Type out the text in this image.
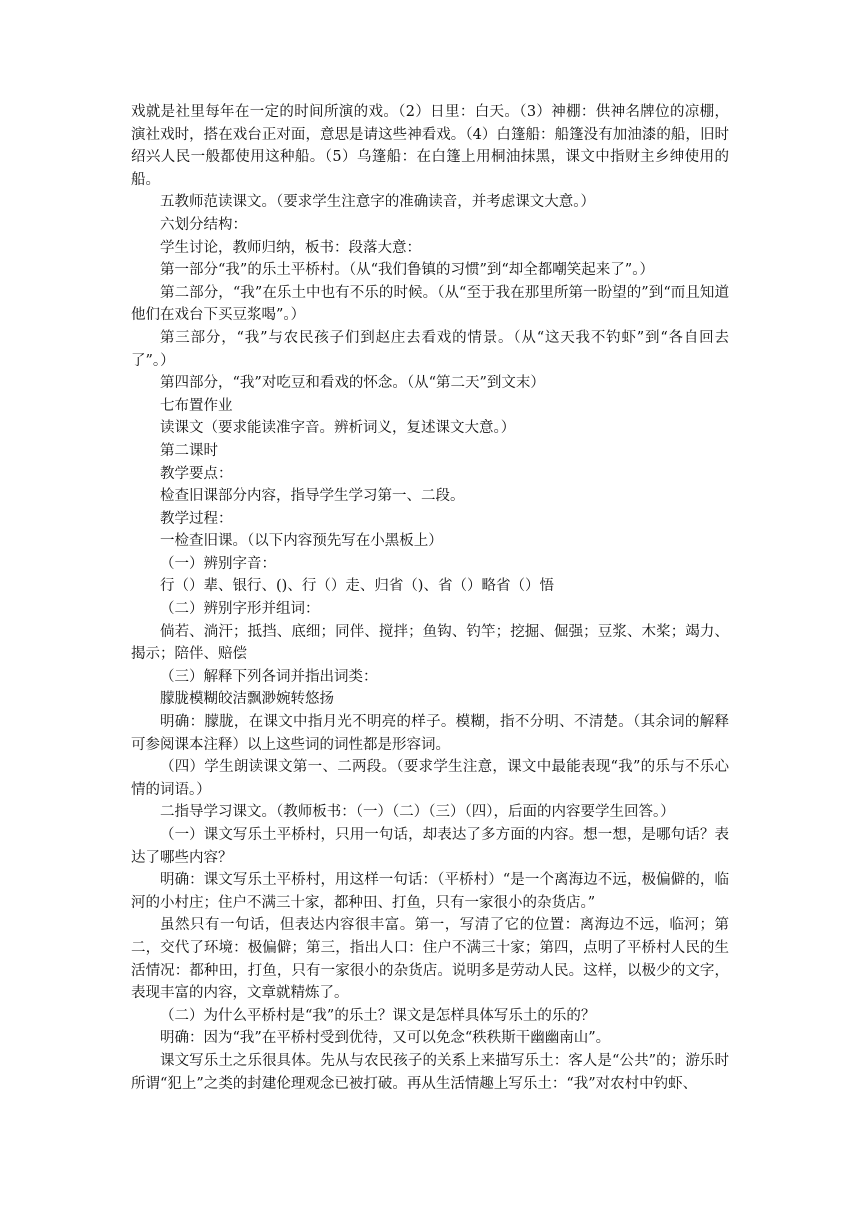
戏就是社里每年在一定的时间所演的戏。（2）日里：白天。（3）神棚：供神名牌位的凉棚，演社戏时，搭在戏台正对面，意思是请这些神看戏。（4）白篷船：船篷没有加油漆的船，旧时绍兴人民一般都使用这种船。（5）乌篷船：在白篷上用桐油抹黑，课文中指财主乡绅使用的船。

五教师范读课文。（要求学生注意字的准确读音，并考虑课文大意。）

六划分结构：

学生讨论，教师归纳，板书：段落大意：

第一部分“我”的乐土平桥村。（从“我们鲁镇的习惯”到“却全都嘲笑起来了”。）

第二部分，“我”在乐土中也有不乐的时候。（从“至于我在那里所第一盼望的”到“而且知道他们在戏台下买豆浆喝”。）

第三部分，“我”与农民孩子们到赵庄去看戏的情景。（从“这天我不钓虾”到“各自回去了”。）

第四部分，“我”对吃豆和看戏的怀念。（从“第二天”到文末）

七布置作业

读课文（要求能读准字音。辨析词义，复述课文大意。）

第二课时

教学要点：

检查旧课部分内容，指导学生学习第一、二段。

教学过程：

一检查旧课。（以下内容预先写在小黑板上）

（一）辨别字音：

行（）辈、银行、()、行（）走、归省（)、省（）略省（）悟

（二）辨别字形并组词：

倘若、淌汗；抵挡、底细；同伴、搅拌；鱼钩、钓竿；挖掘、倔强；豆浆、木桨；竭力、揭示；陪伴、赔偿

（三）解释下列各词并指出词类：

朦胧模糊皎洁飘渺婉转悠扬

明确：朦胧，在课文中指月光不明亮的样子。模糊，指不分明、不清楚。（其余词的解释可参阅课本注释）以上这些词的词性都是形容词。

（四）学生朗读课文第一、二两段。（要求学生注意，课文中最能表现“我”的乐与不乐心情的词语。）

二指导学习课文。（教师板书：（一）（二）（三）（四），后面的内容要学生回答。）

（一）课文写乐土平桥村，只用一句话，却表达了多方面的内容。想一想，是哪句话？表达了哪些内容？

明确：课文写乐土平桥村，用这样一句话：（平桥村）“是一个离海边不远，极偏僻的，临河的小村庄；住户不满三十家，都种田、打鱼，只有一家很小的杂货店。”

虽然只有一句话，但表达内容很丰富。第一，写清了它的位置：离海边不远，临河；第二，交代了环境：极偏僻；第三，指出人口：住户不满三十家；第四，点明了平桥村人民的生活情况：都种田，打鱼，只有一家很小的杂货店。说明多是劳动人民。这样，以极少的文字，表现丰富的内容，文章就精炼了。

（二）为什么平桥村是“我”的乐土？课文是怎样具体写乐土的乐的？

明确：因为“我”在平桥村受到优待，又可以免念“秩秩斯干幽幽南山”。

课文写乐土之乐很具体。先从与农民孩子的关系上来描写乐土：客人是“公共”的；游乐时所谓“犯上”之类的封建伦理观念已被打破。再从生活情趣上写乐土：“我”对农村中钓虾、
